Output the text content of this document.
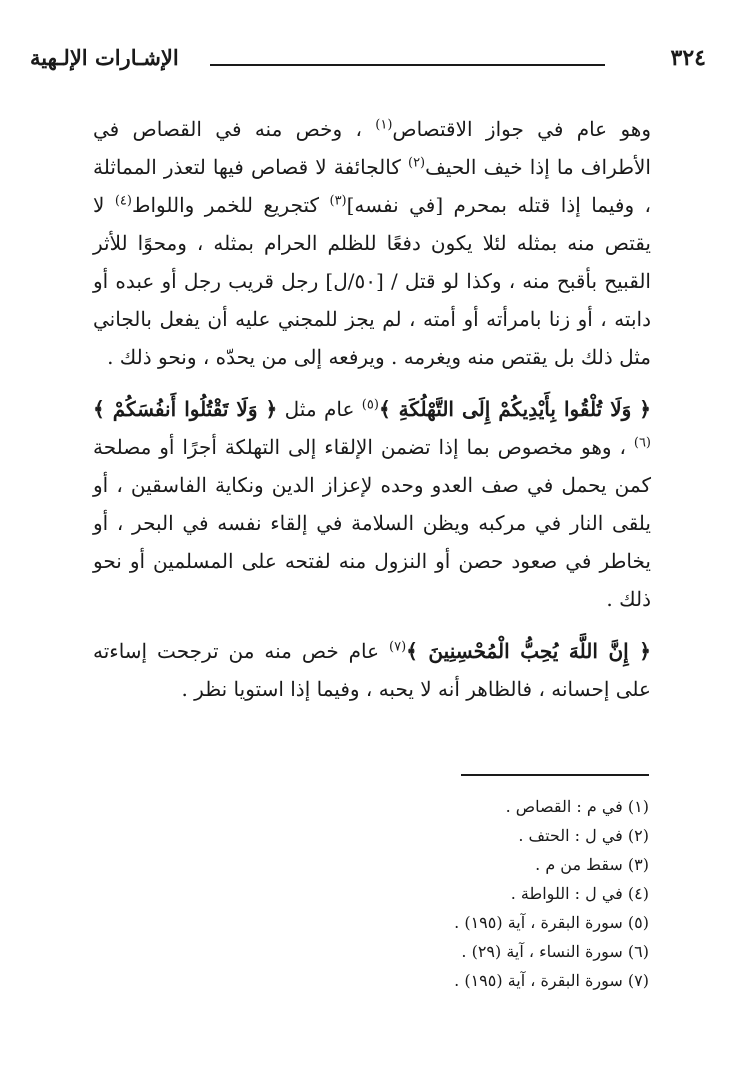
٣٢٤
الإشـارات الإلـهية

وهو عام في جواز الاقتصاص$^{(١)}$ ، وخص منه في القصاص في الأطراف ما إذا خيف الحيف$^{(٢)}$ كالجائفة لا قصاص فيها لتعذر المماثلة ، وفيما إذا قتله بمحرم [في نفسه]$^{(٣)}$ كتجريع للخمر واللواط$^{(٤)}$ لا يقتص منه بمثله لئلا يكون دفعًا للظلم الحرام بمثله ، ومحوًا للأثر القبيح بأقبح منه ، وكذا لو قتل / [٥٠/ل] رجل قريب رجل أو عبده أو دابته ، أو زنا بامرأته أو أمته ، لم يجز للمجني عليه أن يفعل بالجاني مثل ذلك بل يقتص منه ويغرمه . ويرفعه إلى من يحدّه ، ونحو ذلك .

﴿ وَلَا تُلْقُوا بِأَيْدِيكُمْ إِلَى التَّهْلُكَةِ ﴾$^{(٥)}$ عام مثل ﴿ وَلَا تَقْتُلُوا أَنفُسَكُمْ ﴾$^{(٦)}$ ، وهو مخصوص بما إذا تضمن الإلقاء إلى التهلكة أجرًا أو مصلحة كمن يحمل في صف العدو وحده لإعزاز الدين ونكاية الفاسقين ، أو يلقى النار في مركبه ويظن السلامة في إلقاء نفسه في البحر ، أو يخاطر في صعود حصن أو النزول منه لفتحه على المسلمين أو نحو ذلك .

﴿ إِنَّ اللَّهَ يُحِبُّ الْمُحْسِنِينَ ﴾$^{(٧)}$ عام خص منه من ترجحت إساءته على إحسانه ، فالظاهر أنه لا يحبه ، وفيما إذا استويا نظر .

(١) في م : القصاص .
(٢) في ل : الحتف .
(٣) سقط من م .
(٤) في ل : اللواطة .
(٥) سورة البقرة ، آية (١٩٥) .
(٦) سورة النساء ، آية (٢٩) .
(٧) سورة البقرة ، آية (١٩٥) .
